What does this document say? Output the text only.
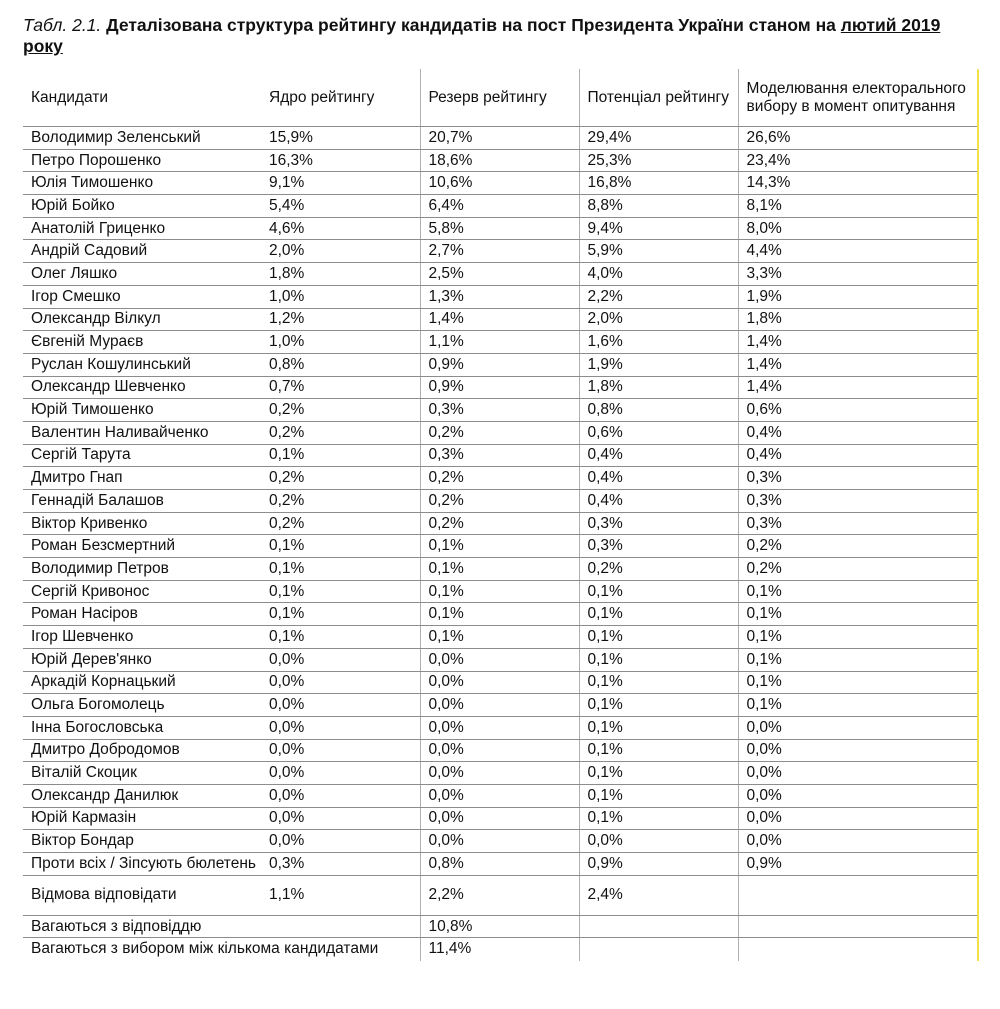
Табл. 2.1. Деталізована структура рейтингу кандидатів на пост Президента України станом на лютий 2019 року
Кандидати	Ядро рейтингу	Резерв рейтингу	Потенціал рейтингу	Моделювання електорального вибору в момент опитування
Володимир Зеленський	15,9%	20,7%	29,4%	26,6%
Петро Порошенко	16,3%	18,6%	25,3%	23,4%
Юлія Тимошенко	9,1%	10,6%	16,8%	14,3%
Юрій Бойко	5,4%	6,4%	8,8%	8,1%
Анатолій Гриценко	4,6%	5,8%	9,4%	8,0%
Андрій Садовий	2,0%	2,7%	5,9%	4,4%
Олег Ляшко	1,8%	2,5%	4,0%	3,3%
Ігор Смешко	1,0%	1,3%	2,2%	1,9%
Олександр Вілкул	1,2%	1,4%	2,0%	1,8%
Євгеній Мураєв	1,0%	1,1%	1,6%	1,4%
Руслан Кошулинський	0,8%	0,9%	1,9%	1,4%
Олександр Шевченко	0,7%	0,9%	1,8%	1,4%
Юрій Тимошенко	0,2%	0,3%	0,8%	0,6%
Валентин Наливайченко	0,2%	0,2%	0,6%	0,4%
Сергій Тарута	0,1%	0,3%	0,4%	0,4%
Дмитро Гнап	0,2%	0,2%	0,4%	0,3%
Геннадій Балашов	0,2%	0,2%	0,4%	0,3%
Віктор Кривенко	0,2%	0,2%	0,3%	0,3%
Роман Безсмертний	0,1%	0,1%	0,3%	0,2%
Володимир Петров	0,1%	0,1%	0,2%	0,2%
Сергій Кривонос	0,1%	0,1%	0,1%	0,1%
Роман Насіров	0,1%	0,1%	0,1%	0,1%
Ігор Шевченко	0,1%	0,1%	0,1%	0,1%
Юрій Дерев'янко	0,0%	0,0%	0,1%	0,1%
Аркадій Корнацький	0,0%	0,0%	0,1%	0,1%
Ольга Богомолець	0,0%	0,0%	0,1%	0,1%
Інна Богословська	0,0%	0,0%	0,1%	0,0%
Дмитро Добродомов	0,0%	0,0%	0,1%	0,0%
Віталій Скоцик	0,0%	0,0%	0,1%	0,0%
Олександр Данилюк	0,0%	0,0%	0,1%	0,0%
Юрій Кармазін	0,0%	0,0%	0,1%	0,0%
Віктор Бондар	0,0%	0,0%	0,0%	0,0%
Проти всіх / Зіпсують бюлетень	0,3%	0,8%	0,9%	0,9%
Відмова відповідати	1,1%	2,2%	2,4%	
Вагаються з відповіддю		10,8%		
Вагаються з вибором між кількома кандидатами		11,4%		
